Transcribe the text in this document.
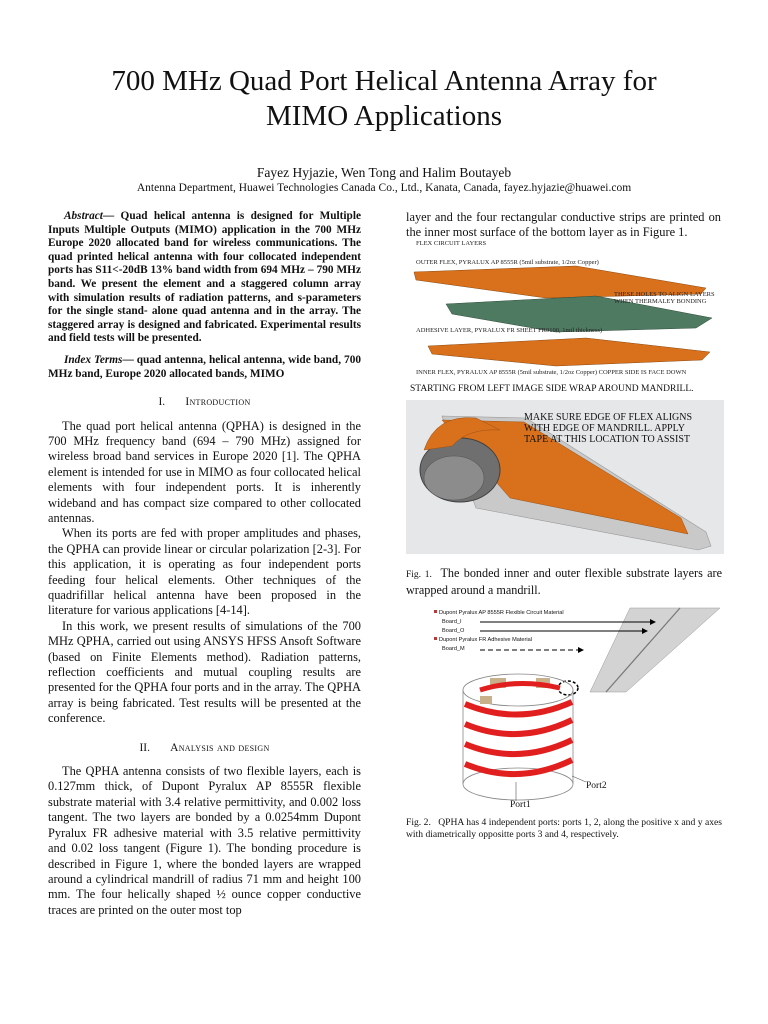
700 MHz Quad Port Helical Antenna Array for
MIMO Applications
Fayez Hyjazie, Wen Tong and Halim Boutayeb
Antenna Department, Huawei Technologies Canada Co., Ltd., Kanata, Canada, fayez.hyjazie@huawei.com

Abstract— Quad helical antenna is designed for Multiple Inputs Multiple Outputs (MIMO) application in the 700 MHz Europe 2020 allocated band for wireless communications. The quad printed helical antenna with four collocated independent ports has S11<-20dB 13% band width from 694 MHz – 790 MHz band. We present the element and a staggered column array with simulation results of radiation patterns, and s-parameters for the single stand- alone quad antenna and in the array. The staggered array is designed and fabricated. Experimental results and field tests will be presented.

Index Terms— quad antenna, helical antenna, wide band, 700 MHz band, Europe 2020 allocated bands, MIMO

I. Introduction

The quad port helical antenna (QPHA) is designed in the 700 MHz frequency band (694 – 790 MHz) assigned for wireless broad band services in Europe 2020 [1]. The QPHA element is intended for use in MIMO as four collocated helical elements with four independent ports. It is inherently wideband and has compact size compared to other collocated antennas.

When its ports are fed with proper amplitudes and phases, the QPHA can provide linear or circular polarization [2-3]. For this application, it is operating as four independent ports feeding four helical elements. Other techniques of the quadrifillar helical antenna have been proposed in the literature for various applications [4-14].

In this work, we present results of simulations of the 700 MHz QPHA, carried out using ANSYS HFSS Ansoft Software (based on Finite Elements method). Radiation patterns, reflection coefficients and mutual coupling results are presented for the QPHA four ports and in the array. The QPHA array is being fabricated. Test results will be presented at the conference.

II. Analysis and design

The QPHA antenna consists of two flexible layers, each is 0.127mm thick, of Dupont Pyralux AP 8555R flexible substrate material with 3.4 relative permittivity, and 0.002 loss tangent. The two layers are bonded by a 0.0254mm Dupont Pyralux FR adhesive material with 3.5 relative permittivity and 0.02 loss tangent (Figure 1). The bonding procedure is described in Figure 1, where the bonded layers are wrapped around a cylindrical mandrill of radius 71 mm and height 100 mm. The four helically shaped ½ ounce copper conductive traces are printed on the outer most top

layer and the four rectangular conductive strips are printed on the inner most surface of the bottom layer as in Figure 1.

FLEX CIRCUIT LAYERS
OUTER FLEX, PYRALUX AP 8555R (5mil substrate, 1/2oz Copper)
THESE HOLES TO ALIGN LAYERS
WHEN THERMALEY BONDING
ADHESIVE LAYER, PYRALUX FR SHEET FR0100, 1mil thickness)
INNER FLEX, PYRALUX AP 8555R (5mil substrate, 1/2oz Copper) COPPER SIDE IS FACE DOWN
STARTING FROM LEFT IMAGE SIDE WRAP AROUND MANDRILL.
MAKE SURE EDGE OF FLEX ALIGNS
WITH EDGE OF MANDRILL. APPLY
TAPE AT THIS LOCATION TO ASSIST
Fig. 1. The bonded inner and outer flexible substrate layers are wrapped around a mandrill.
Dupont Pyralux AP 8555R Flexible Circuit Material
Board_I
Board_O
Dupont Pyralux FR Adhesive Material
Board_M
Port1
Port2
Fig. 2. QPHA has 4 independent ports: ports 1, 2, along the positive x and y axes with diametrically oppositte ports 3 and 4, respectively.
